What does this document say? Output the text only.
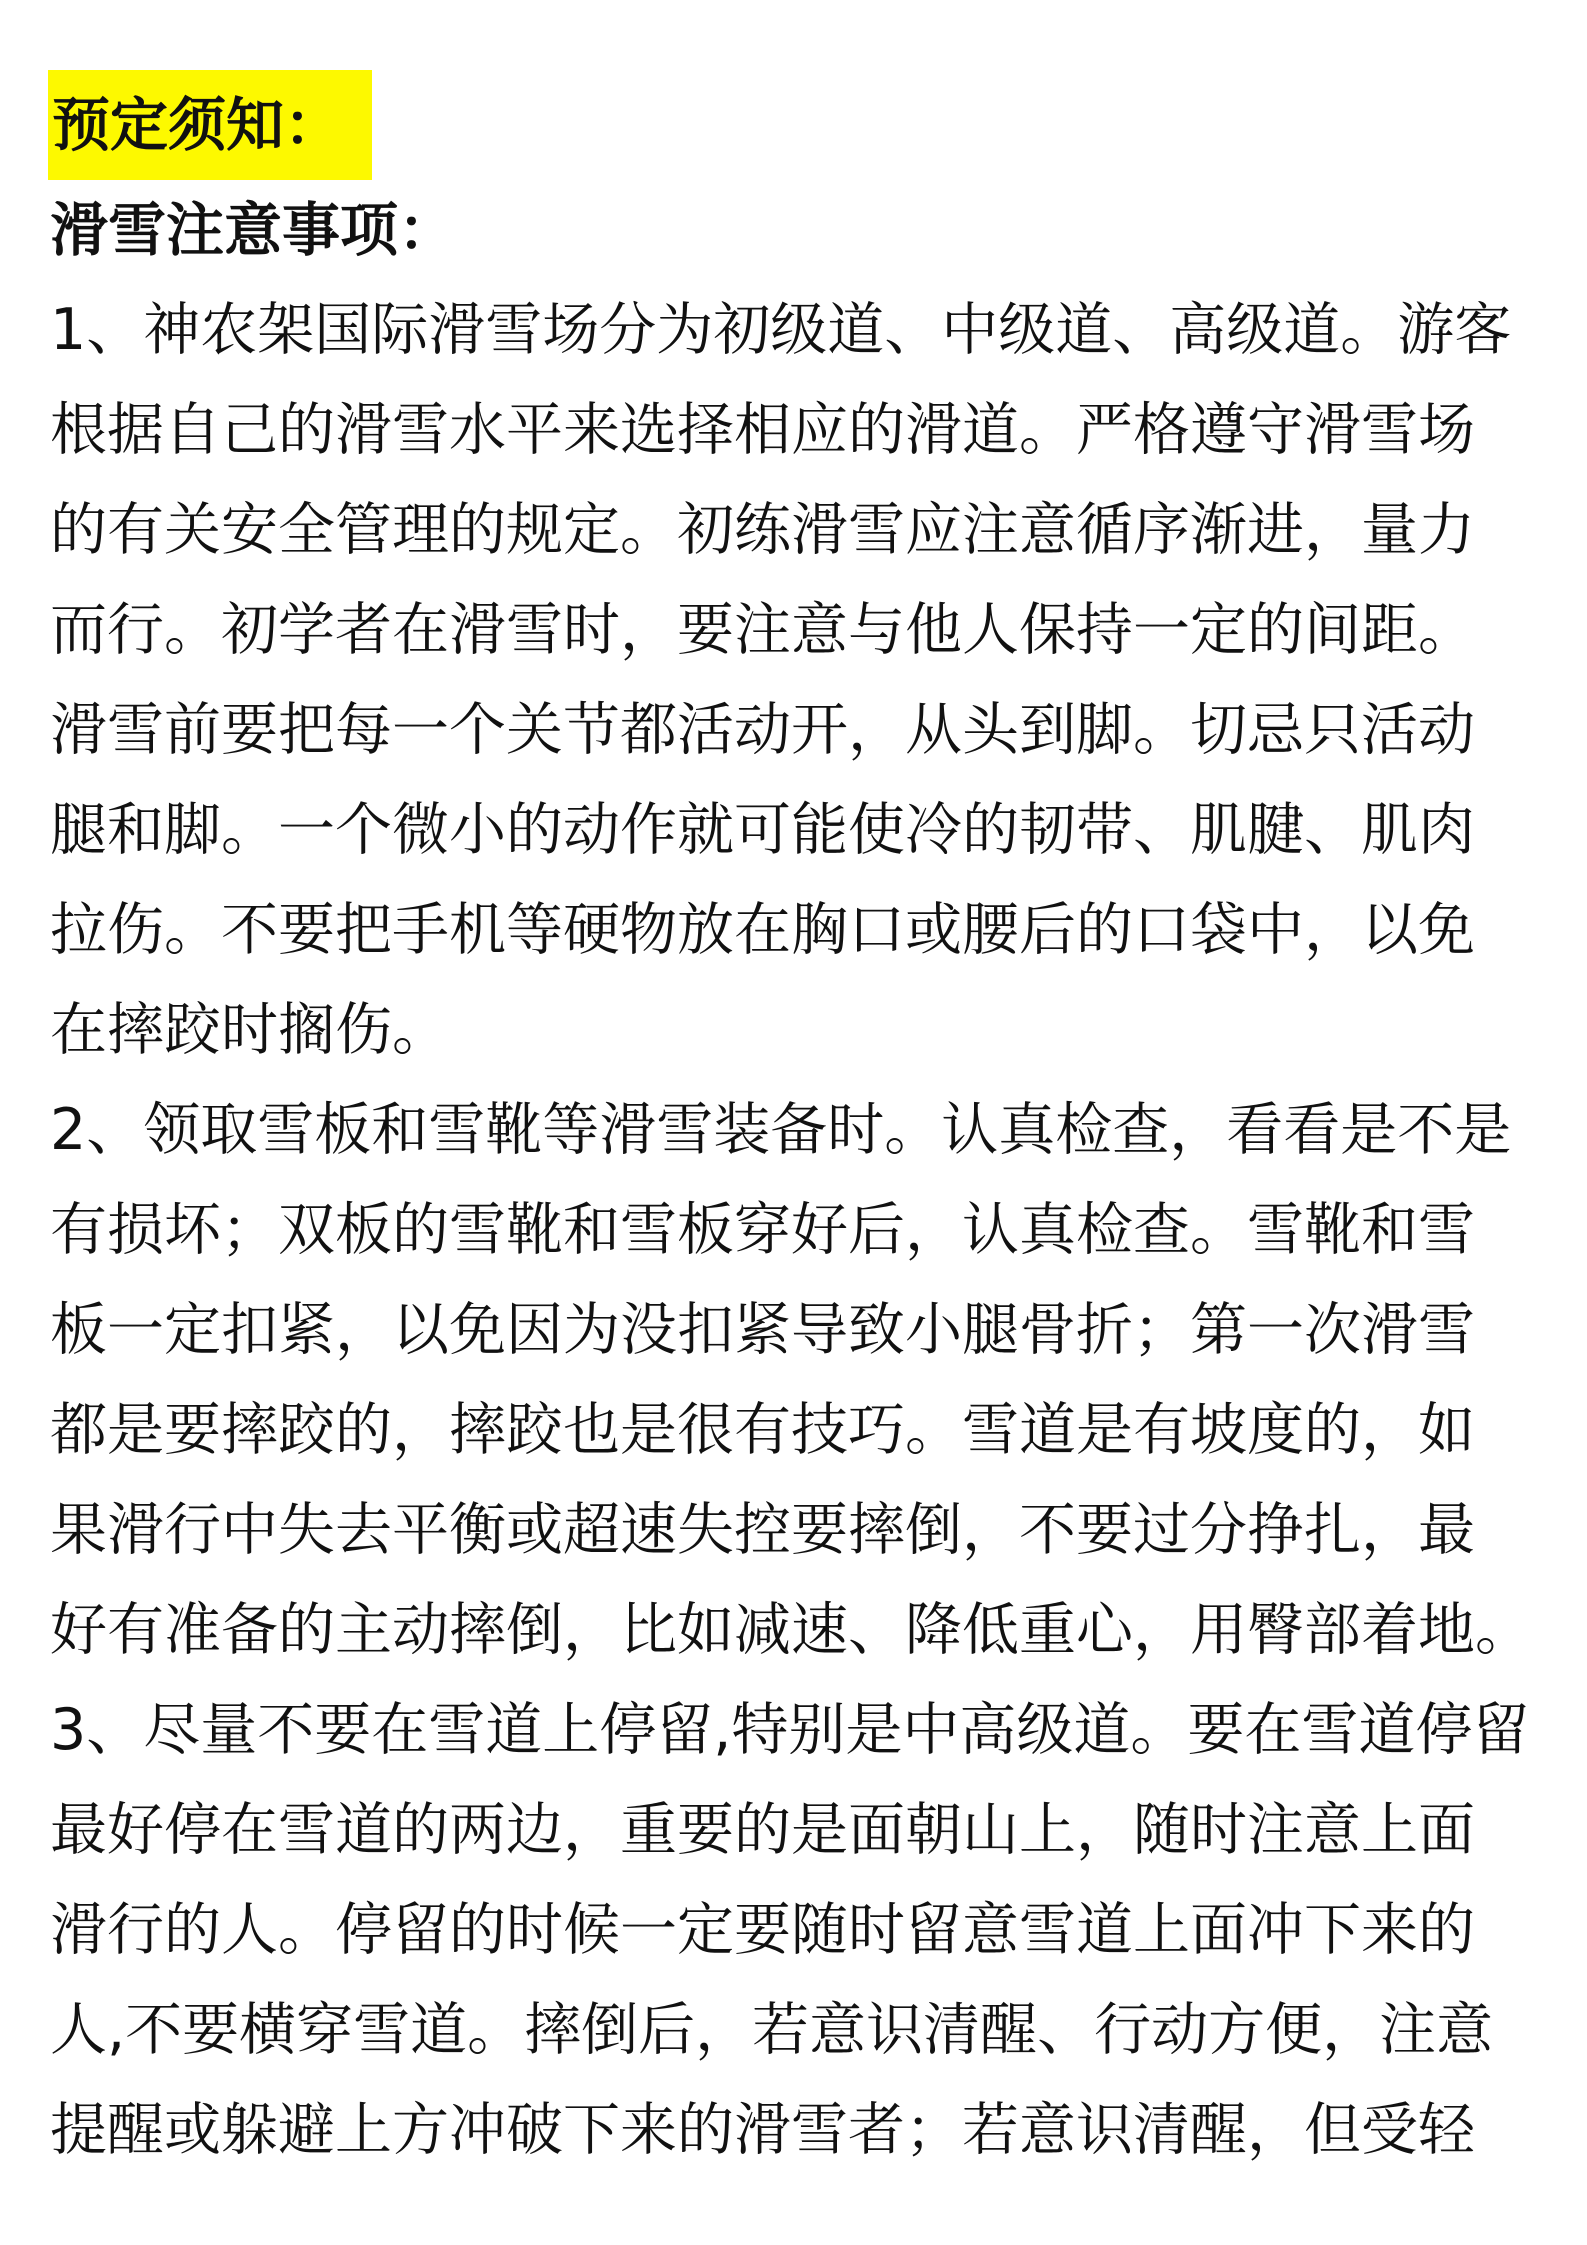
预定须知：
滑雪注意事项：
1、神农架国际滑雪场分为初级道、中级道、高级道。游客
根据自己的滑雪水平来选择相应的滑道。严格遵守滑雪场
的有关安全管理的规定。初练滑雪应注意循序渐进，量力
而行。初学者在滑雪时，要注意与他人保持一定的间距。
滑雪前要把每一个关节都活动开，从头到脚。切忌只活动
腿和脚。一个微小的动作就可能使冷的韧带、肌腱、肌肉
拉伤。不要把手机等硬物放在胸口或腰后的口袋中，以免
在摔跤时搁伤。
2、领取雪板和雪靴等滑雪装备时。认真检查，看看是不是
有损坏；双板的雪靴和雪板穿好后，认真检查。雪靴和雪
板一定扣紧，以免因为没扣紧导致小腿骨折；第一次滑雪
都是要摔跤的，摔跤也是很有技巧。雪道是有坡度的，如
果滑行中失去平衡或超速失控要摔倒，不要过分挣扎，最
好有准备的主动摔倒，比如减速、降低重心，用臀部着地。
3、尽量不要在雪道上停留,特别是中高级道。要在雪道停留
最好停在雪道的两边，重要的是面朝山上，随时注意上面
滑行的人。停留的时候一定要随时留意雪道上面冲下来的
人,不要横穿雪道。摔倒后，若意识清醒、行动方便，注意
提醒或躲避上方冲破下来的滑雪者；若意识清醒，但受轻
